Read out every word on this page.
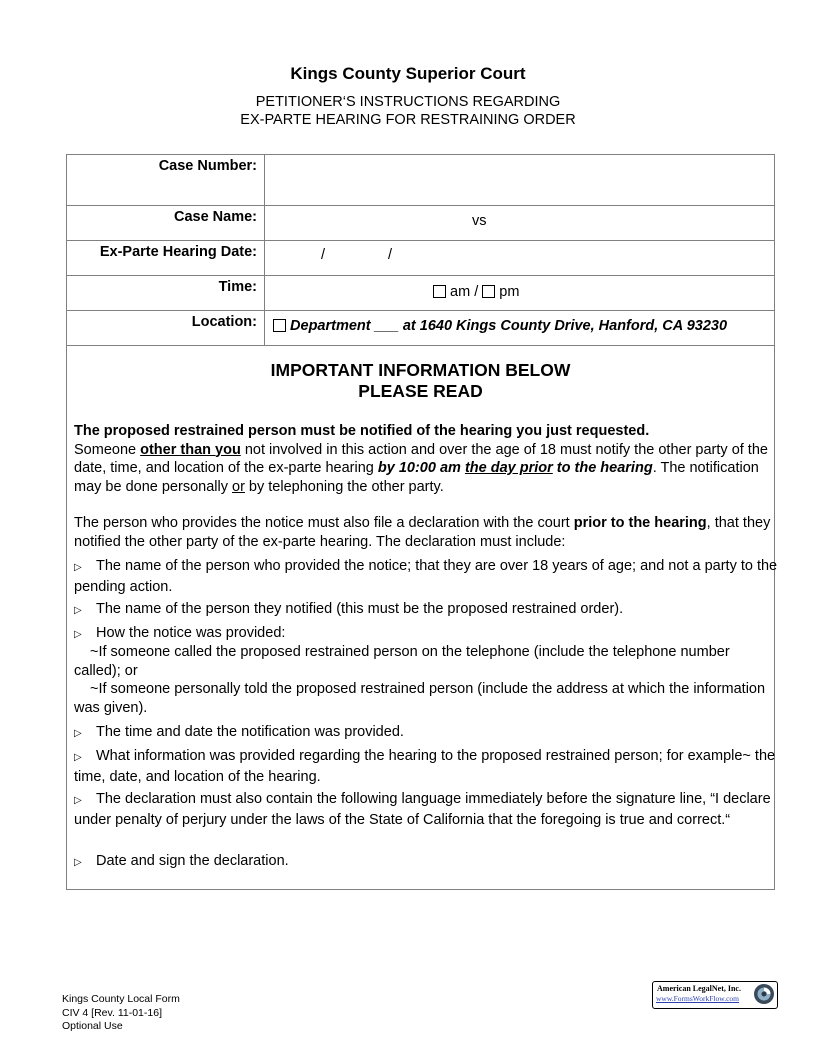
Kings County Superior Court
PETITIONER‘S INSTRUCTIONS REGARDING
EX-PARTE HEARING FOR RESTRAINING ORDER
Case Number:	
Case Name:	vs

Ex-Parte Hearing Date:	/ /

Time:	am / pm

Location:	Department ___ at 1640 Kings County Drive, Hanford, CA 93230
IMPORTANT INFORMATION BELOW
PLEASE READ
The proposed restrained person must be notified of the hearing you just requested.
Someone other than you not involved in this action and over the age of 18 must notify the other party of the date, time, and location of the ex-parte hearing by 10:00 am the day prior to the hearing. The notification may be done personally or by telephoning the other party.
The person who provides the notice must also file a declaration with the court prior to the hearing, that they notified the other party of the ex-parte hearing. The declaration must include:
▷ The name of the person who provided the notice; that they are over 18 years of age; and not a party to the pending action.
▷ The name of the person they notified (this must be the proposed restrained order).
▷ How the notice was provided:
~If someone called the proposed restrained person on the telephone (include the telephone number called); or
~If someone personally told the proposed restrained person (include the address at which the information was given).
▷ The time and date the notification was provided.
▷ What information was provided regarding the hearing to the proposed restrained person; for example~ the time, date, and location of the hearing.
▷ The declaration must also contain the following language immediately before the signature line, “I declare under penalty of perjury under the laws of the State of California that the foregoing is true and correct.“
▷ Date and sign the declaration.
Kings County Local Form
CIV 4 [Rev. 11-01-16]
Optional Use
American LegalNet, Inc.
www.FormsWorkFlow.com
